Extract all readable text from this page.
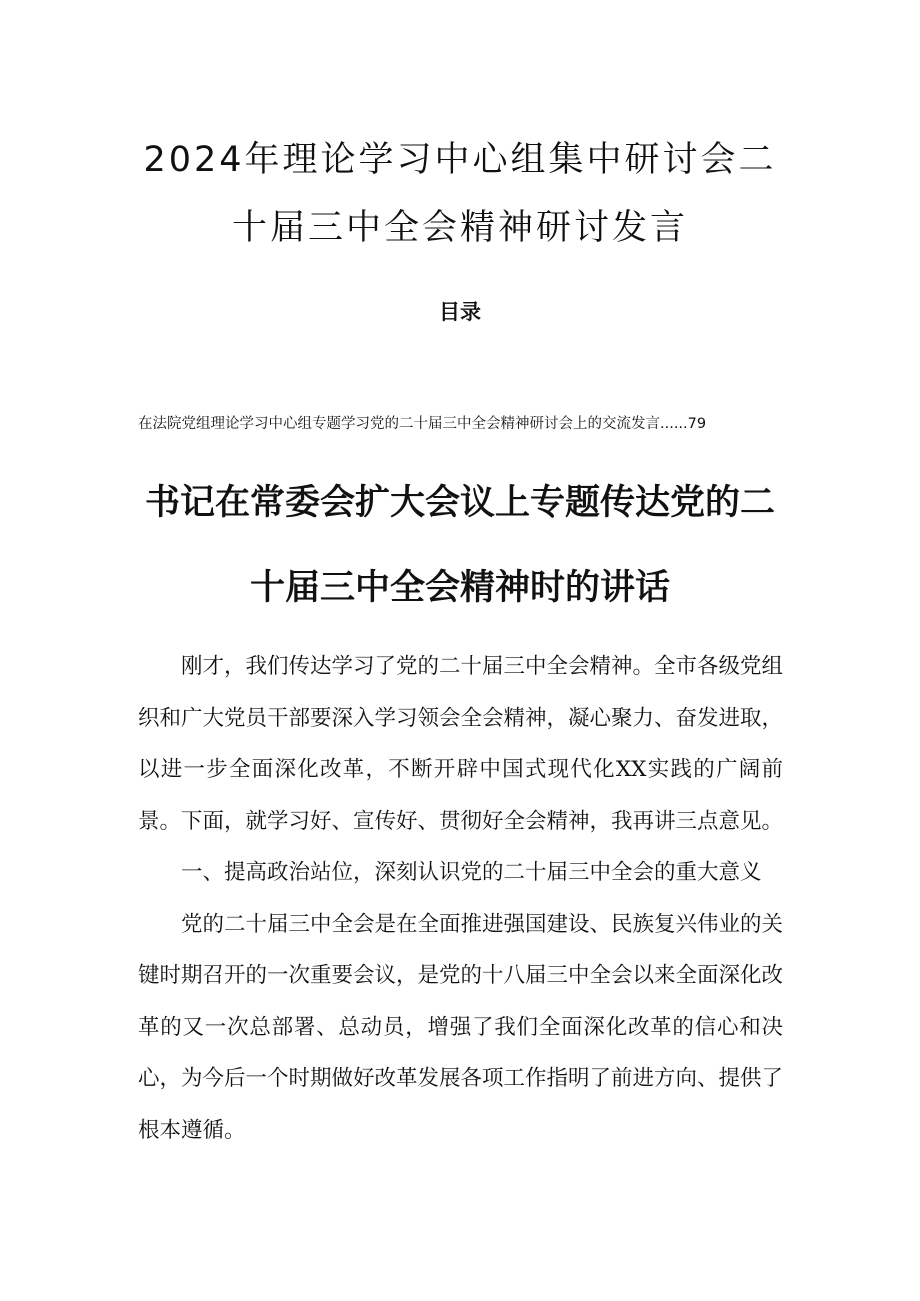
2024年理论学习中心组集中研讨会二
十届三中全会精神研讨发言
目录

在法院党组理论学习中心组专题学习党的二十届三中全会精神研讨会上的交流发言......79

书记在常委会扩大会议上专题传达党的二
十届三中全会精神时的讲话

刚才，我们传达学习了党的二十届三中全会精神。全市各级党组织和广大党员干部要深入学习领会全会精神，凝心聚力、奋发进取，以进一步全面深化改革，不断开辟中国式现代化XX实践的广阔前景。下面，就学习好、宣传好、贯彻好全会精神，我再讲三点意见。

一、提高政治站位，深刻认识党的二十届三中全会的重大意义

党的二十届三中全会是在全面推进强国建设、民族复兴伟业的关键时期召开的一次重要会议，是党的十八届三中全会以来全面深化改革的又一次总部署、总动员，增强了我们全面深化改革的信心和决心，为今后一个时期做好改革发展各项工作指明了前进方向、提供了根本遵循。
